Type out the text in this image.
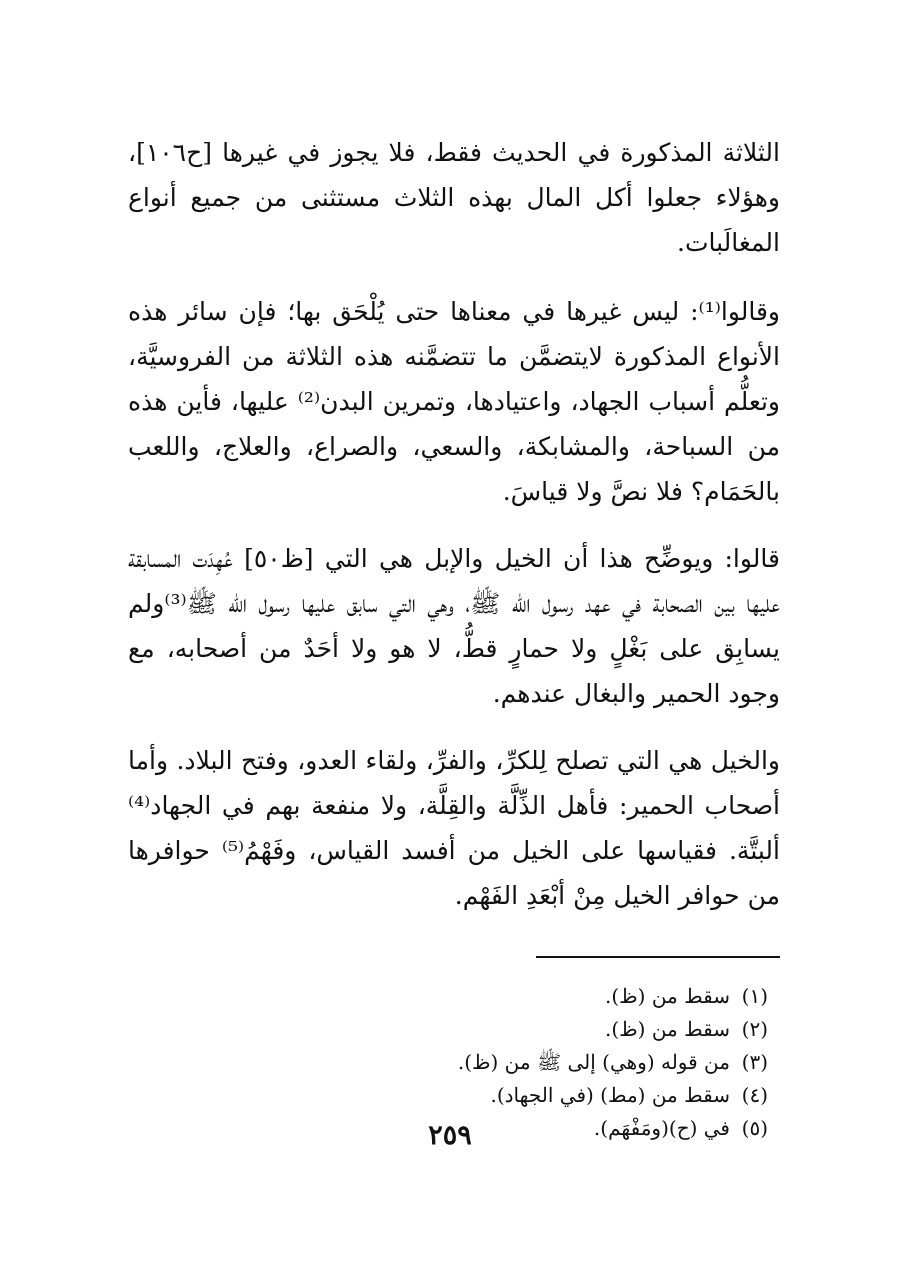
الثلاثة المذكورة في الحديث فقط، فلا يجوز في غيرها [ح١٠٦]، وهؤلاء جعلوا أكل المال بهذه الثلاث مستثنى من جميع أنواع المغالَبات.

وقالوا⁽¹⁾: ليس غيرها في معناها حتى يُلْحَق بها؛ فإن سائر هذه الأنواع المذكورة لايتضمَّن ما تتضمَّنه هذه الثلاثة من الفروسيَّة، وتعلُّم أسباب الجهاد، واعتيادها، وتمرين البدن⁽²⁾ عليها، فأين هذه من السباحة، والمشابكة، والسعي، والصراع، والعلاج، واللعب بالحَمَام؟ فلا نصَّ ولا قياسَ.

قالوا: ويوضِّح هذا أن الخيل والإبل هي التي [ظ٥٠] عُهِدَت المسابقة عليها بين الصحابة في عهد رسول الله ﷺ، وهي التي سابق عليها رسول الله ﷺ⁽³⁾ولم يسابِق على بَغْلٍ ولا حمارٍ قطُّ، لا هو ولا أحَدٌ من أصحابه، مع وجود الحمير والبغال عندهم.

والخيل هي التي تصلح لِلكرِّ، والفرِّ، ولقاء العدو، وفتح البلاد. وأما أصحاب الحمير: فأهل الذِّلَّة والقِلَّة، ولا منفعة بهم في الجهاد⁽⁴⁾ ألبتَّة. فقياسها على الخيل من أفسد القياس، وفَهْمُ⁽⁵⁾ حوافرها من حوافر الخيل مِنْ أبْعَدِ الفَهْم.

(١)سقط من (ظ).
(٢)سقط من (ظ).
(٣)من قوله (وهي) إلى ﷺ من (ظ).
(٤)سقط من (مط) (في الجهاد).
(٥)في (ح)(ومَفْهَم).
٢٥٩
